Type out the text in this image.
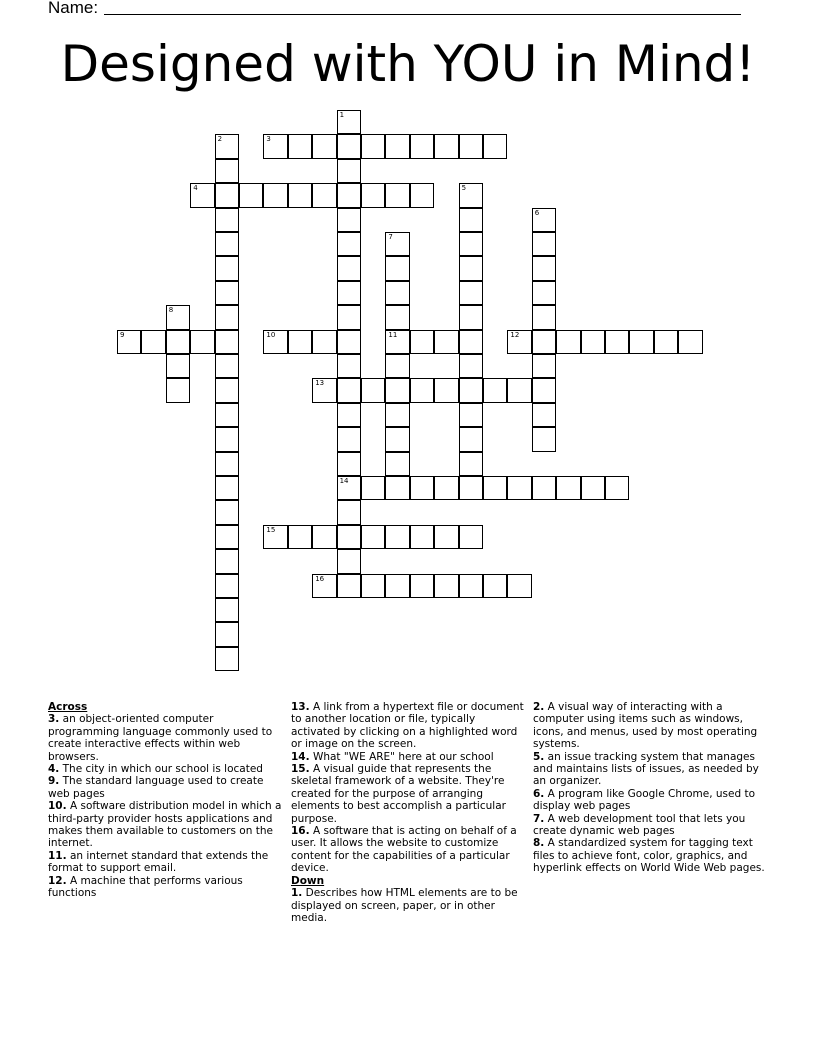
Name:
Designed with YOU in Mind!
1
14
2	3
4	5
6
7
11
8
9	10	12
13
15
16
Across
3. an object-oriented computer programming language commonly used to create interactive effects within web browsers.
4. The city in which our school is located
9. The standard language used to create web pages
10. A software distribution model in which a third-party provider hosts applications and makes them available to customers on the internet.
11. an internet standard that extends the format to support email.
12. A machine that performs various functions
13. A link from a hypertext file or document to another location or file, typically activated by clicking on a highlighted word or image on the screen.
14. What "WE ARE" here at our school
15. A visual guide that represents the skeletal framework of a website. They're created for the purpose of arranging elements to best accomplish a particular purpose.
16. A software that is acting on behalf of a user. It allows the website to customize content for the capabilities of a particular device.
Down
1. Describes how HTML elements are to be displayed on screen, paper, or in other media.
2. A visual way of interacting with a computer using items such as windows, icons, and menus, used by most operating systems.
5. an issue tracking system that manages and maintains lists of issues, as needed by an organizer.
6. A program like Google Chrome, used to display web pages
7. A web development tool that lets you create dynamic web pages
8. A standardized system for tagging text files to achieve font, color, graphics, and hyperlink effects on World Wide Web pages.
